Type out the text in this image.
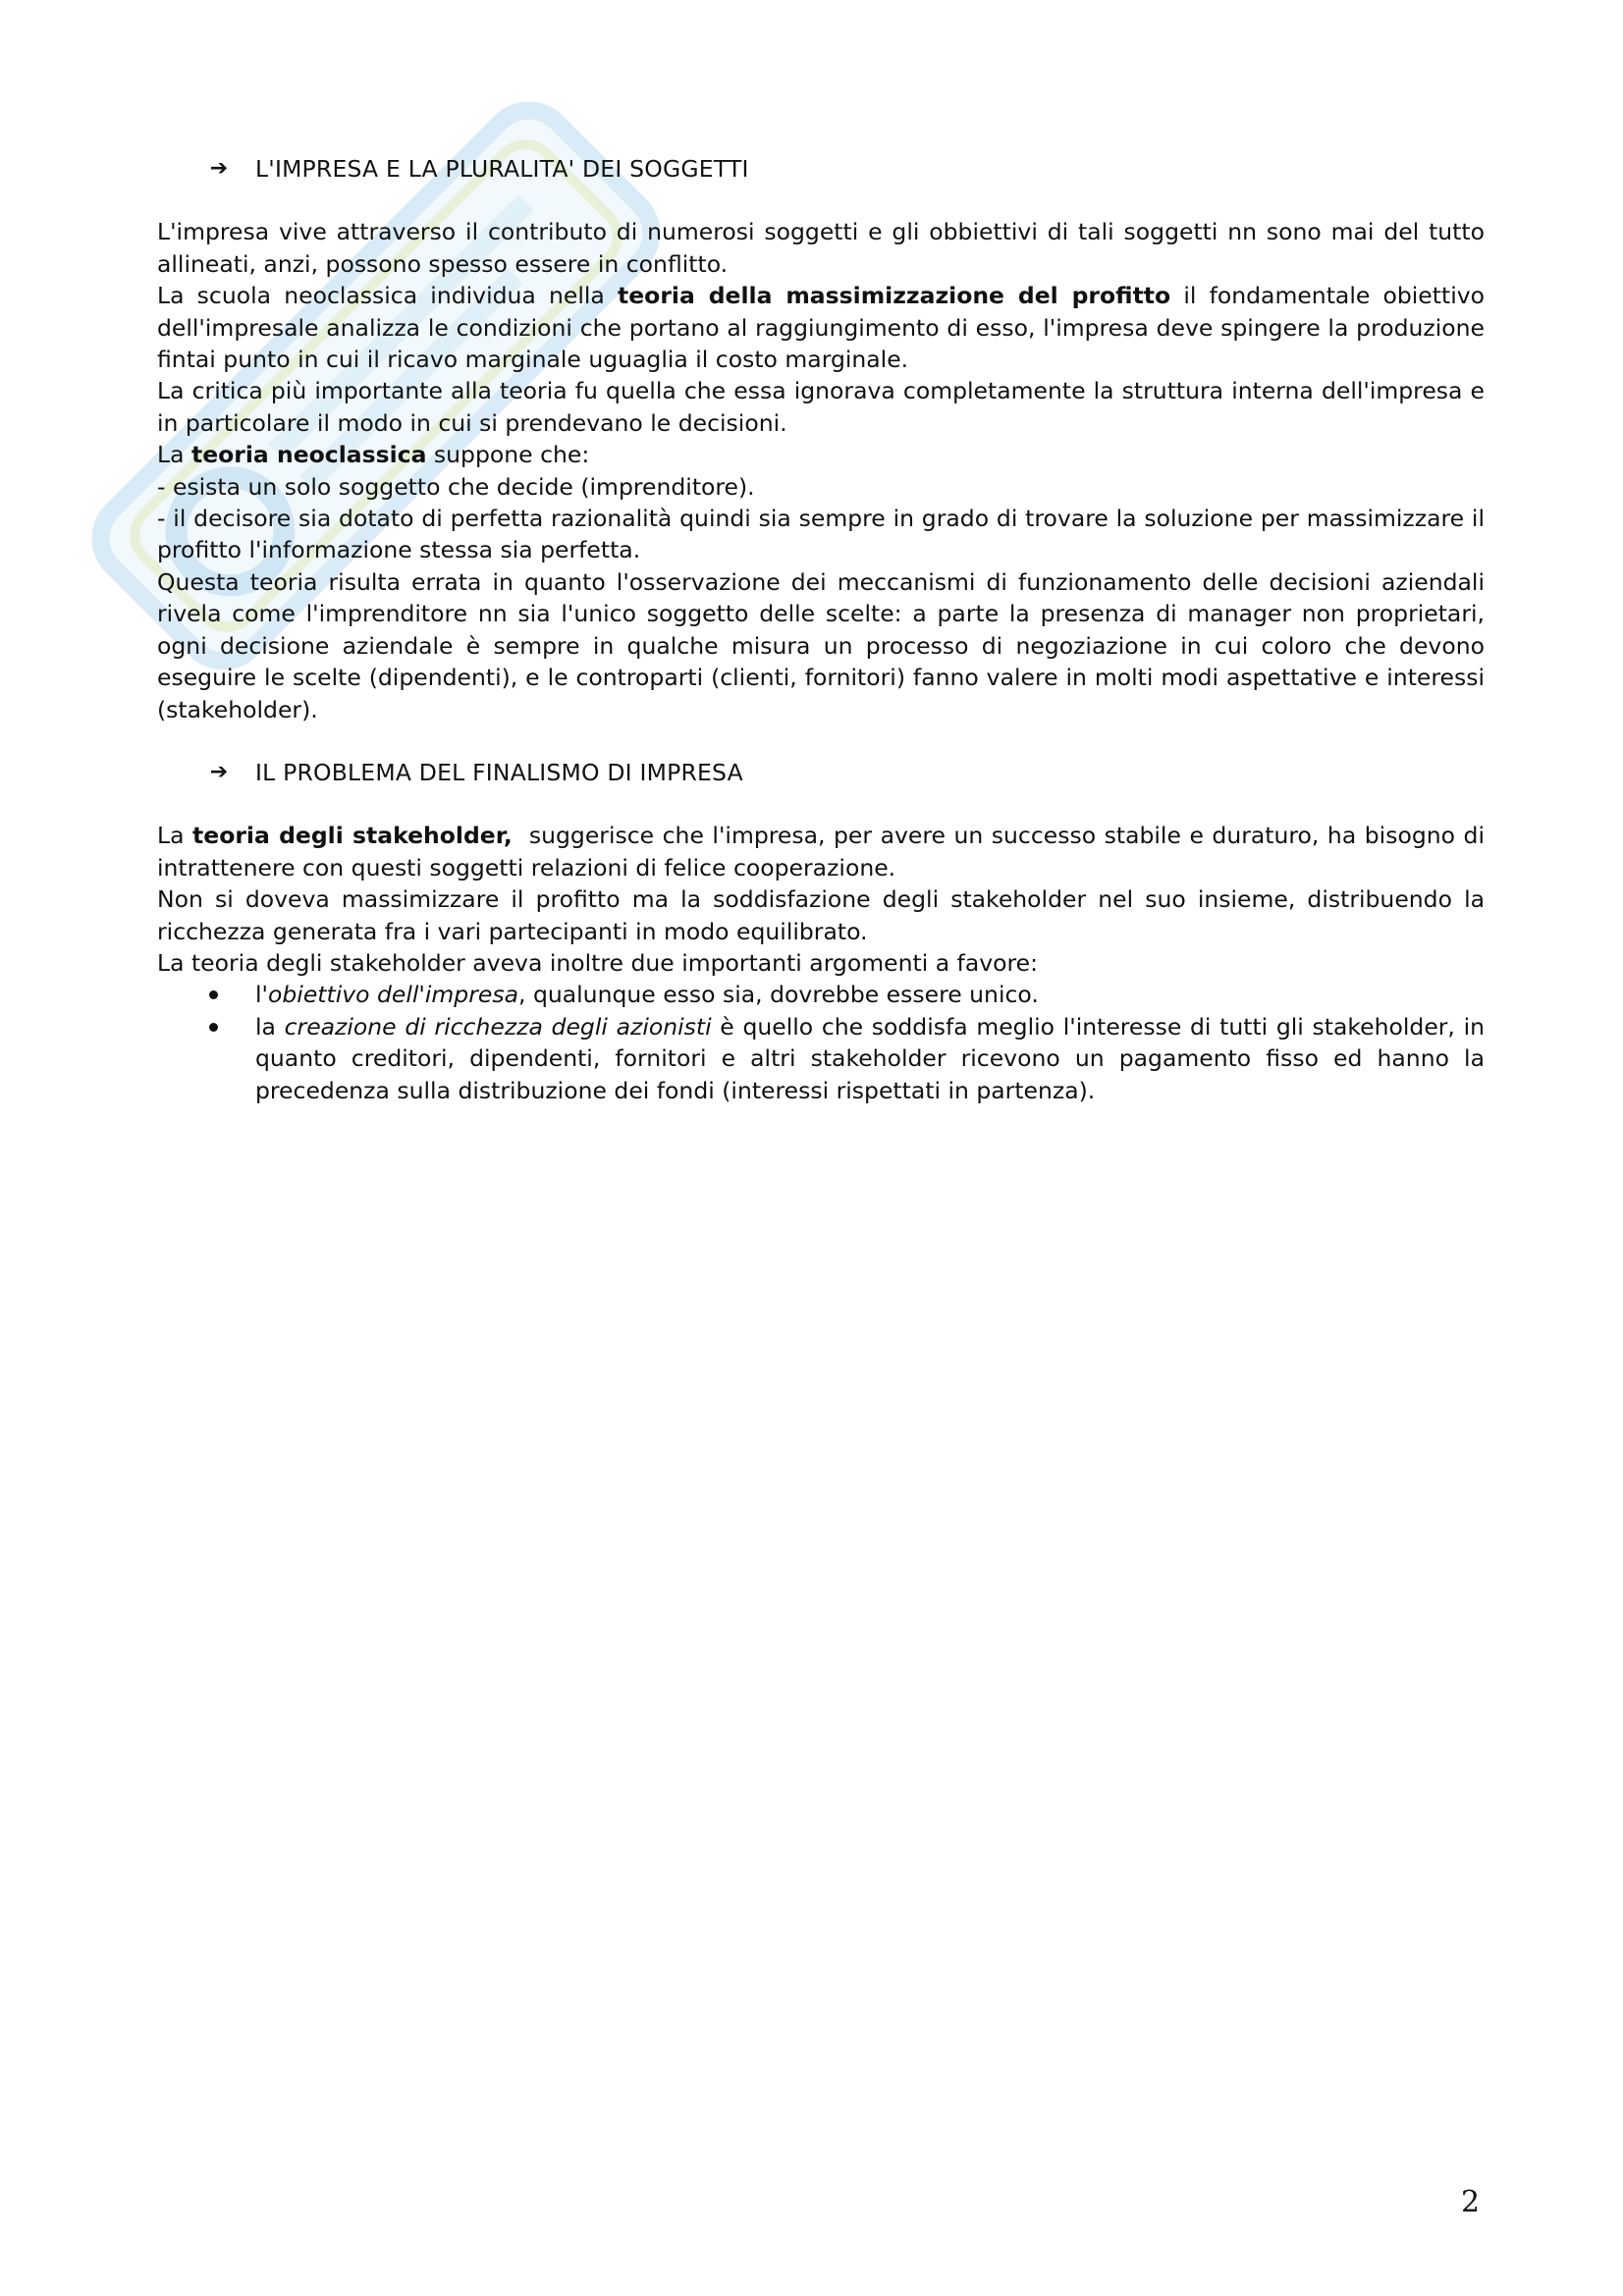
➔ L'IMPRESA E LA PLURALITA' DEI SOGGETTI

L'impresa vive attraverso il contributo di numerosi soggetti e gli obbiettivi di tali soggetti nn sono mai del tutto allineati, anzi, possono spesso essere in conflitto.

La scuola neoclassica individua nella teoria della massimizzazione del profitto il fondamentale obiettivo dell'impresale analizza le condizioni che portano al raggiungimento di esso, l'impresa deve spingere la produzione fintai punto in cui il ricavo marginale uguaglia il costo marginale.

La critica più importante alla teoria fu quella che essa ignorava completamente la struttura interna dell'impresa e in particolare il modo in cui si prendevano le decisioni.

La teoria neoclassica suppone che:

- esista un solo soggetto che decide (imprenditore).

- il decisore sia dotato di perfetta razionalità quindi sia sempre in grado di trovare la soluzione per massimizzare il profitto l'informazione stessa sia perfetta.

Questa teoria risulta errata in quanto l'osservazione dei meccanismi di funzionamento delle decisioni aziendali rivela come l'imprenditore nn sia l'unico soggetto delle scelte: a parte la presenza di manager non proprietari, ogni decisione aziendale è sempre in qualche misura un processo di negoziazione in cui coloro che devono eseguire le scelte (dipendenti), e le controparti (clienti, fornitori) fanno valere in molti modi aspettative e interessi (stakeholder).

➔ IL PROBLEMA DEL FINALISMO DI IMPRESA

La teoria degli stakeholder,  suggerisce che l'impresa, per avere un successo stabile e duraturo, ha bisogno di intrattenere con questi soggetti relazioni di felice cooperazione.

Non si doveva massimizzare il profitto ma la soddisfazione degli stakeholder nel suo insieme, distribuendo la ricchezza generata fra i vari partecipanti in modo equilibrato.

La teoria degli stakeholder aveva inoltre due importanti argomenti a favore:

l'obiettivo dell'impresa, qualunque esso sia, dovrebbe essere unico.
la creazione di ricchezza degli azionisti è quello che soddisfa meglio l'interesse di tutti gli stakeholder, in quanto creditori, dipendenti, fornitori e altri stakeholder ricevono un pagamento fisso ed hanno la precedenza sulla distribuzione dei fondi (interessi rispettati in partenza).
2
